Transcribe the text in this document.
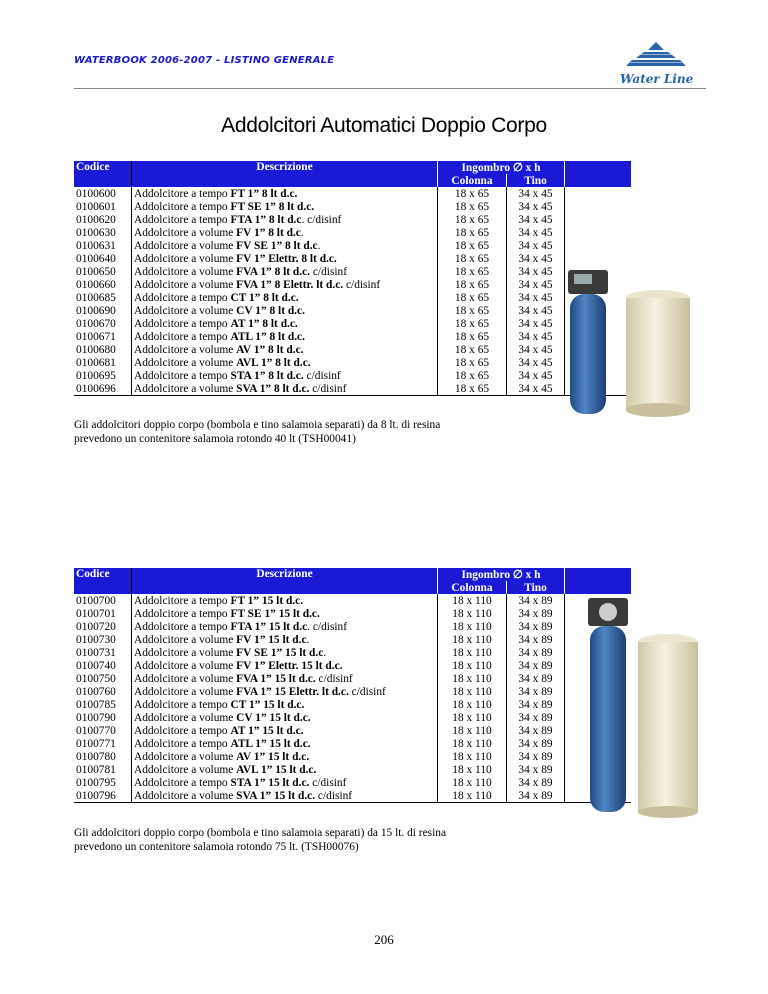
WATERBOOK 2006-2007 - LISTINO GENERALE
Water Line
Addolcitori Automatici Doppio Corpo
Codice	Descrizione	Ingombro ∅ x h		
		Colonna	Tino	
0100600	Addolcitore a tempo FT 1” 8 lt d.c.	18 x 65	34 x 45	
0100601	Addolcitore a tempo FT SE 1” 8 lt d.c.	18 x 65	34 x 45	
0100620	Addolcitore a tempo FTA 1” 8 lt d.c. c/disinf	18 x 65	34 x 45	
0100630	Addolcitore a volume FV 1” 8 lt d.c.	18 x 65	34 x 45	
0100631	Addolcitore a volume FV SE 1” 8 lt d.c.	18 x 65	34 x 45	
0100640	Addolcitore a volume FV 1” Elettr. 8 lt d.c.	18 x 65	34 x 45	
0100650	Addolcitore a volume FVA 1” 8 lt d.c. c/disinf	18 x 65	34 x 45	
0100660	Addolcitore a volume FVA 1” 8 Elettr. lt d.c. c/disinf	18 x 65	34 x 45	
0100685	Addolcitore a tempo CT 1” 8 lt d.c.	18 x 65	34 x 45	
0100690	Addolcitore a volume CV 1” 8 lt d.c.	18 x 65	34 x 45	
0100670	Addolcitore a tempo AT 1” 8 lt d.c.	18 x 65	34 x 45	
0100671	Addolcitore a tempo ATL 1” 8 lt d.c.	18 x 65	34 x 45	
0100680	Addolcitore a volume AV 1” 8 lt d.c.	18 x 65	34 x 45	
0100681	Addolcitore a volume AVL 1” 8 lt d.c.	18 x 65	34 x 45	
0100695	Addolcitore a tempo STA 1” 8 lt d.c. c/disinf	18 x 65	34 x 45	
0100696	Addolcitore a volume SVA 1” 8 lt d.c. c/disinf	18 x 65	34 x 45	
Gli addolcitori doppio corpo (bombola e tino salamoia separati) da 8 lt. di resina
prevedono un contenitore salamoia rotondo 40 lt (TSH00041)
Codice	Descrizione	Ingombro ∅ x h		
		Colonna	Tino	
0100700	Addolcitore a tempo FT 1” 15 lt d.c.	18 x 110	34 x 89	
0100701	Addolcitore a tempo FT SE 1” 15 lt d.c.	18 x 110	34 x 89	
0100720	Addolcitore a tempo FTA 1” 15 lt d.c. c/disinf	18 x 110	34 x 89	
0100730	Addolcitore a volume FV 1” 15 lt d.c.	18 x 110	34 x 89	
0100731	Addolcitore a volume FV SE 1” 15 lt d.c.	18 x 110	34 x 89	
0100740	Addolcitore a volume FV 1” Elettr. 15 lt d.c.	18 x 110	34 x 89	
0100750	Addolcitore a volume FVA 1” 15 lt d.c. c/disinf	18 x 110	34 x 89	
0100760	Addolcitore a volume FVA 1” 15 Elettr. lt d.c. c/disinf	18 x 110	34 x 89	
0100785	Addolcitore a tempo CT 1” 15 lt d.c.	18 x 110	34 x 89	
0100790	Addolcitore a volume CV 1” 15 lt d.c.	18 x 110	34 x 89	
0100770	Addolcitore a tempo AT 1” 15 lt d.c.	18 x 110	34 x 89	
0100771	Addolcitore a tempo ATL 1” 15 lt d.c.	18 x 110	34 x 89	
0100780	Addolcitore a volume AV 1” 15 lt d.c.	18 x 110	34 x 89	
0100781	Addolcitore a volume AVL 1” 15 lt d.c.	18 x 110	34 x 89	
0100795	Addolcitore a tempo STA 1” 15 lt d.c. c/disinf	18 x 110	34 x 89	
0100796	Addolcitore a volume SVA 1” 15 lt d.c. c/disinf	18 x 110	34 x 89	
Gli addolcitori doppio corpo (bombola e tino salamoia separati) da 15 lt. di resina
prevedono un contenitore salamoia rotondo 75 lt. (TSH00076)
206
